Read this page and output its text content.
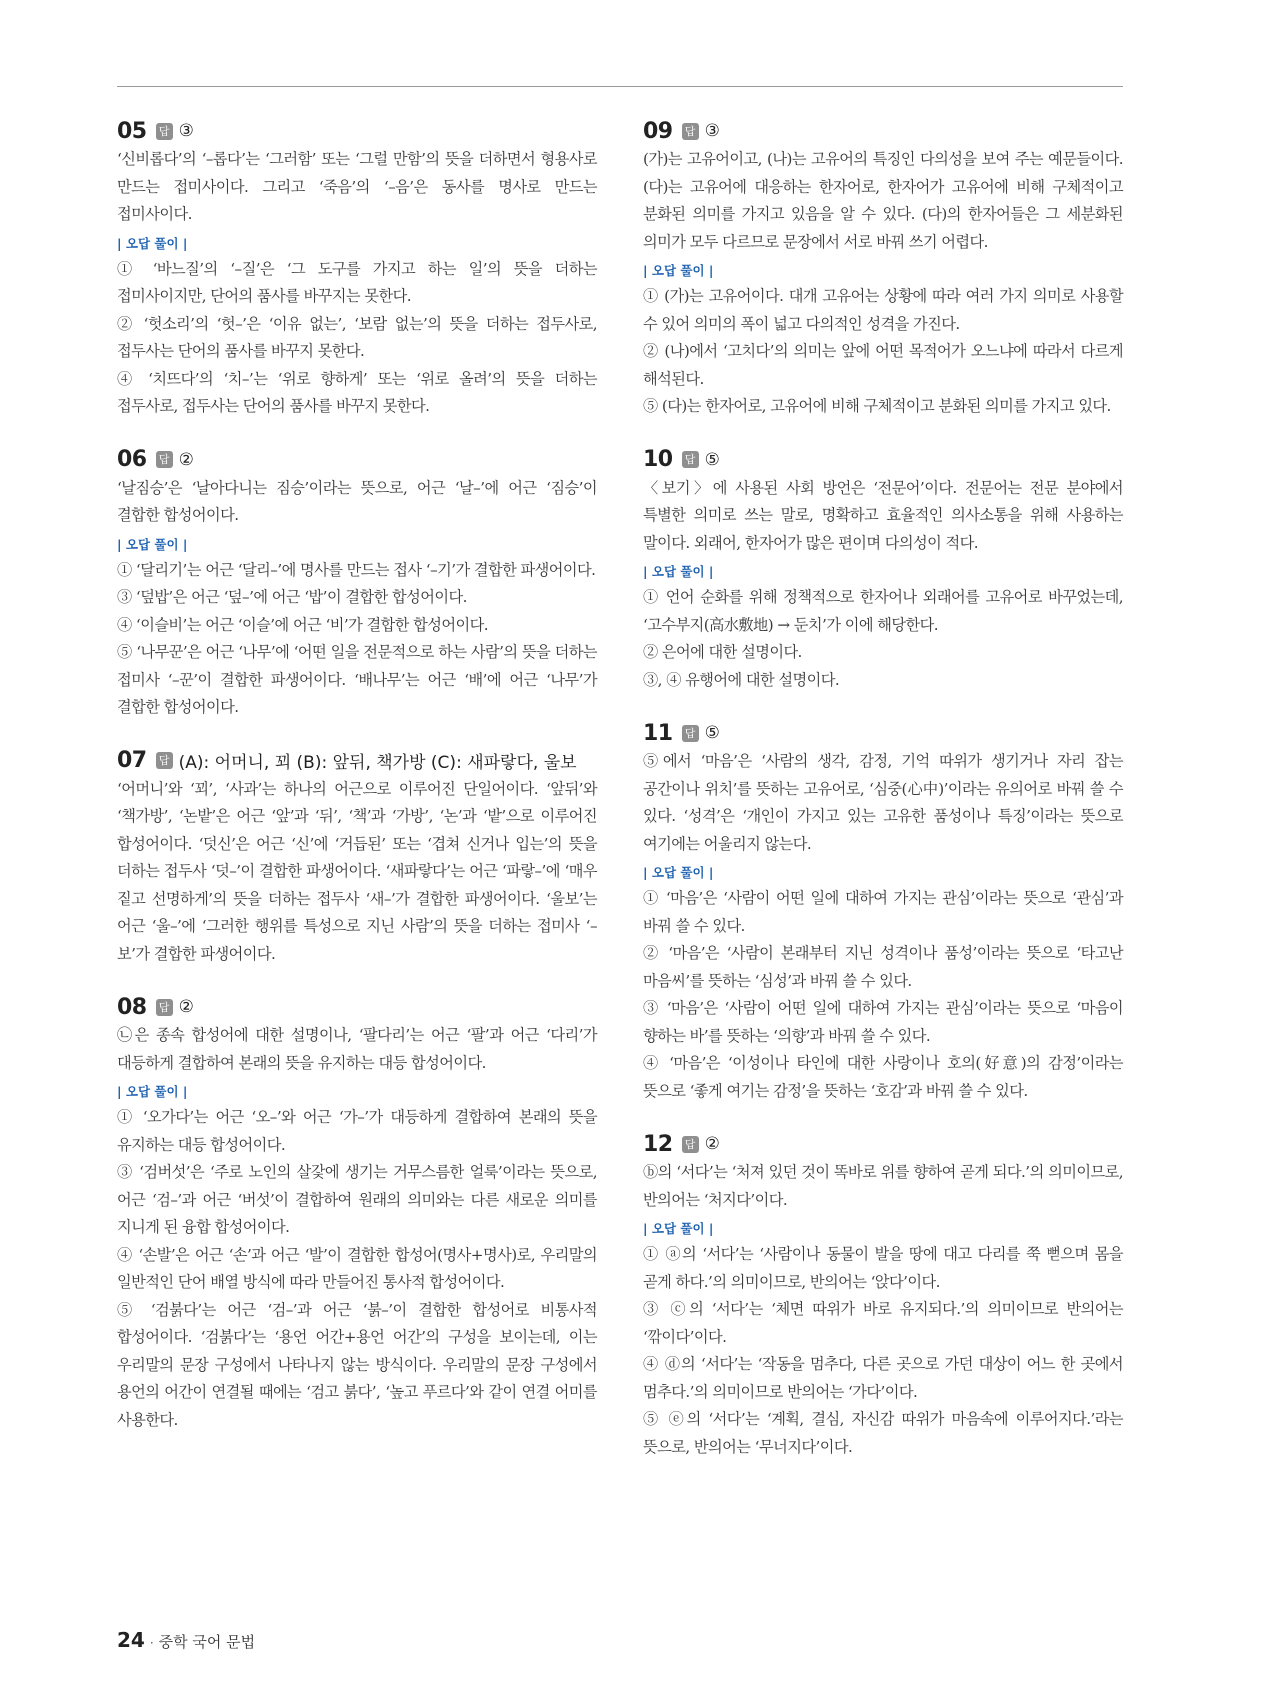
05 답 ③
‘신비롭다’의 ‘–롭다’는 ‘그러함’ 또는 ‘그럴 만함’의 뜻을 더하면서 형용사로 만드는 접미사이다. 그리고 ‘죽음’의 ‘–음’은 동사를 명사로 만드는 접미사이다.
| 오답 풀이 |
① ‘바느질’의 ‘–질’은 ‘그 도구를 가지고 하는 일’의 뜻을 더하는 접미사이지만, 단어의 품사를 바꾸지는 못한다.
② ‘헛소리’의 ‘헛–’은 ‘이유 없는’, ‘보람 없는’의 뜻을 더하는 접두사로, 접두사는 단어의 품사를 바꾸지 못한다.
④ ‘치뜨다’의 ‘치–’는 ‘위로 향하게’ 또는 ‘위로 올려’의 뜻을 더하는 접두사로, 접두사는 단어의 품사를 바꾸지 못한다.
06 답 ②
‘날짐승’은 ‘날아다니는 짐승’이라는 뜻으로, 어근 ‘날–’에 어근 ‘짐승’이 결합한 합성어이다.
| 오답 풀이 |
① ‘달리기’는 어근 ‘달리–’에 명사를 만드는 접사 ‘–기’가 결합한 파생어이다.
③ ‘덮밥’은 어근 ‘덮–’에 어근 ‘밥’이 결합한 합성어이다.
④ ‘이슬비’는 어근 ‘이슬’에 어근 ‘비’가 결합한 합성어이다.
⑤ ‘나무꾼’은 어근 ‘나무’에 ‘어떤 일을 전문적으로 하는 사람’의 뜻을 더하는 접미사 ‘–꾼’이 결합한 파생어이다. ‘배나무’는 어근 ‘배’에 어근 ‘나무’가 결합한 합성어이다.
07 답 (A): 어머니, 꾀 (B): 앞뒤, 책가방 (C): 새파랗다, 울보
‘어머니’와 ‘꾀’, ‘사과’는 하나의 어근으로 이루어진 단일어이다. ‘앞뒤’와 ‘책가방’, ‘논밭’은 어근 ‘앞’과 ‘뒤’, ‘책’과 ‘가방’, ‘논’과 ‘밭’으로 이루어진 합성어이다. ‘덧신’은 어근 ‘신’에 ‘거듭된’ 또는 ‘겹쳐 신거나 입는’의 뜻을 더하는 접두사 ‘덧–’이 결합한 파생어이다. ‘새파랗다’는 어근 ‘파랗–’에 ‘매우 짙고 선명하게’의 뜻을 더하는 접두사 ‘새–’가 결합한 파생어이다. ‘울보’는 어근 ‘울–’에 ‘그러한 행위를 특성으로 지닌 사람’의 뜻을 더하는 접미사 ‘–보’가 결합한 파생어이다.
08 답 ②
㉡은 종속 합성어에 대한 설명이나, ‘팔다리’는 어근 ‘팔’과 어근 ‘다리’가 대등하게 결합하여 본래의 뜻을 유지하는 대등 합성어이다.
| 오답 풀이 |
① ‘오가다’는 어근 ‘오–’와 어근 ‘가–’가 대등하게 결합하여 본래의 뜻을 유지하는 대등 합성어이다.
③ ‘검버섯’은 ‘주로 노인의 살갗에 생기는 거무스름한 얼룩’이라는 뜻으로, 어근 ‘검–’과 어근 ‘버섯’이 결합하여 원래의 의미와는 다른 새로운 의미를 지니게 된 융합 합성어이다.
④ ‘손발’은 어근 ‘손’과 어근 ‘발’이 결합한 합성어(명사+명사)로, 우리말의 일반적인 단어 배열 방식에 따라 만들어진 통사적 합성어이다.
⑤ ‘검붉다’는 어근 ‘검–’과 어근 ‘붉–’이 결합한 합성어로 비통사적 합성어이다. ‘검붉다’는 ‘용언 어간+용언 어간’의 구성을 보이는데, 이는 우리말의 문장 구성에서 나타나지 않는 방식이다. 우리말의 문장 구성에서 용언의 어간이 연결될 때에는 ‘검고 붉다’, ‘높고 푸르다’와 같이 연결 어미를 사용한다.
09 답 ③
(가)는 고유어이고, (나)는 고유어의 특징인 다의성을 보여 주는 예문들이다. (다)는 고유어에 대응하는 한자어로, 한자어가 고유어에 비해 구체적이고 분화된 의미를 가지고 있음을 알 수 있다. (다)의 한자어들은 그 세분화된 의미가 모두 다르므로 문장에서 서로 바꿔 쓰기 어렵다.
| 오답 풀이 |
① (가)는 고유어이다. 대개 고유어는 상황에 따라 여러 가지 의미로 사용할 수 있어 의미의 폭이 넓고 다의적인 성격을 가진다.
② (나)에서 ‘고치다’의 의미는 앞에 어떤 목적어가 오느냐에 따라서 다르게 해석된다.
⑤ (다)는 한자어로, 고유어에 비해 구체적이고 분화된 의미를 가지고 있다.
10 답 ⑤
〈보기〉에 사용된 사회 방언은 ‘전문어’이다. 전문어는 전문 분야에서 특별한 의미로 쓰는 말로, 명확하고 효율적인 의사소통을 위해 사용하는 말이다. 외래어, 한자어가 많은 편이며 다의성이 적다.
| 오답 풀이 |
① 언어 순화를 위해 정책적으로 한자어나 외래어를 고유어로 바꾸었는데, ‘고수부지(高水敷地) → 둔치’가 이에 해당한다.
② 은어에 대한 설명이다.
③, ④ 유행어에 대한 설명이다.
11 답 ⑤
⑤에서 ‘마음’은 ‘사람의 생각, 감정, 기억 따위가 생기거나 자리 잡는 공간이나 위치’를 뜻하는 고유어로, ‘심중(心中)’이라는 유의어로 바꿔 쓸 수 있다. ‘성격’은 ‘개인이 가지고 있는 고유한 품성이나 특징’이라는 뜻으로 여기에는 어울리지 않는다.
| 오답 풀이 |
① ‘마음’은 ‘사람이 어떤 일에 대하여 가지는 관심’이라는 뜻으로 ‘관심’과 바꿔 쓸 수 있다.
② ‘마음’은 ‘사람이 본래부터 지닌 성격이나 품성’이라는 뜻으로 ‘타고난 마음씨’를 뜻하는 ‘심성’과 바꿔 쓸 수 있다.
③ ‘마음’은 ‘사람이 어떤 일에 대하여 가지는 관심’이라는 뜻으로 ‘마음이 향하는 바’를 뜻하는 ‘의향’과 바꿔 쓸 수 있다.
④ ‘마음’은 ‘이성이나 타인에 대한 사랑이나 호의(好意)의 감정’이라는 뜻으로 ‘좋게 여기는 감정’을 뜻하는 ‘호감’과 바꿔 쓸 수 있다.
12 답 ②
ⓑ의 ‘서다’는 ‘처져 있던 것이 똑바로 위를 향하여 곧게 되다.’의 의미이므로, 반의어는 ‘처지다’이다.
| 오답 풀이 |
① ⓐ의 ‘서다’는 ‘사람이나 동물이 발을 땅에 대고 다리를 쭉 뻗으며 몸을 곧게 하다.’의 의미이므로, 반의어는 ‘앉다’이다.
③ ⓒ의 ‘서다’는 ‘체면 따위가 바로 유지되다.’의 의미이므로 반의어는 ‘깎이다’이다.
④ ⓓ의 ‘서다’는 ‘작동을 멈추다, 다른 곳으로 가던 대상이 어느 한 곳에서 멈추다.’의 의미이므로 반의어는 ‘가다’이다.
⑤ ⓔ의 ‘서다’는 ‘계획, 결심, 자신감 따위가 마음속에 이루어지다.’라는 뜻으로, 반의어는 ‘무너지다’이다.
24 · 중학 국어 문법
